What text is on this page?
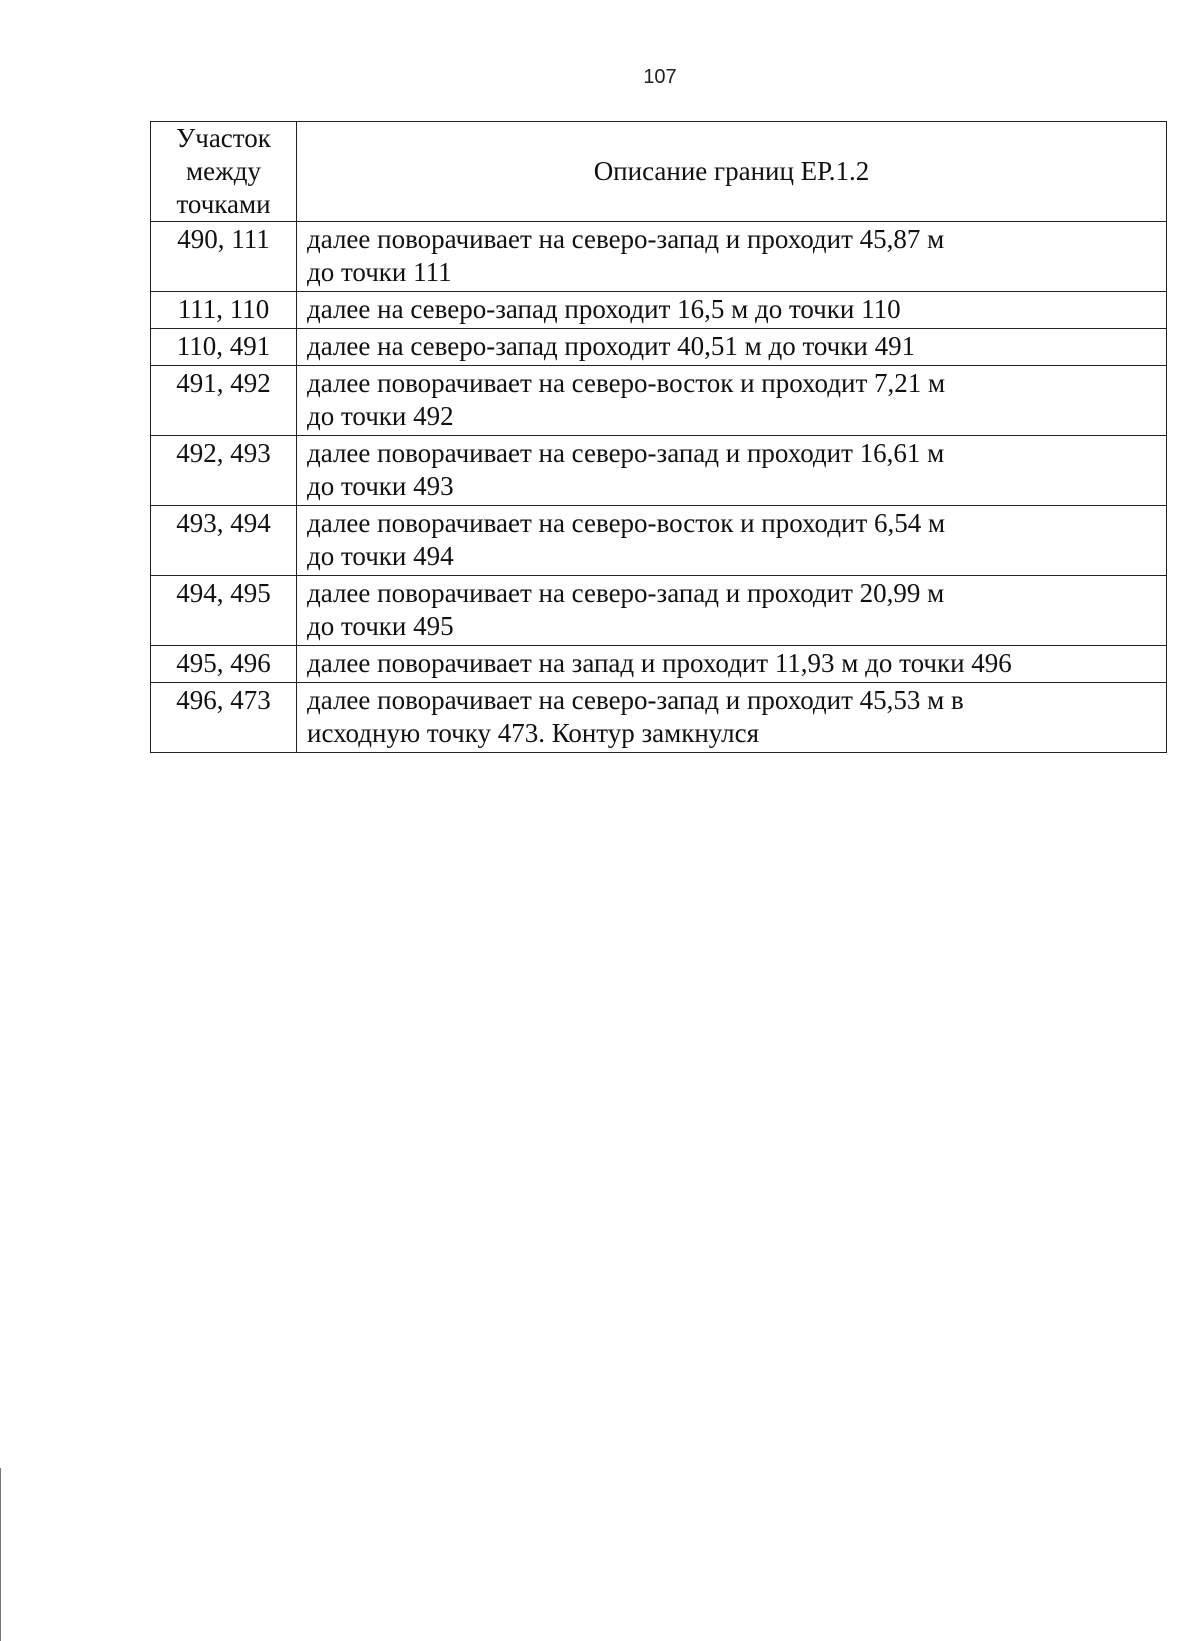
107
Участок
между
точками	Описание границ ЕР.1.2
490, 111	далее поворачивает на северо-запад и проходит 45,87 м
до точки 111

111, 110	далее на северо-запад проходит 16,5 м до точки 110

110, 491	далее на северо-запад проходит 40,51 м до точки 491

491, 492	далее поворачивает на северо-восток и проходит 7,21 м
до точки 492

492, 493	далее поворачивает на северо-запад и проходит 16,61 м
до точки 493

493, 494	далее поворачивает на северо-восток и проходит 6,54 м
до точки 494

494, 495	далее поворачивает на северо-запад и проходит 20,99 м
до точки 495

495, 496	далее поворачивает на запад и проходит 11,93 м до точки 496

496, 473	далее поворачивает на северо-запад и проходит 45,53 м в
исходную точку 473. Контур замкнулся
